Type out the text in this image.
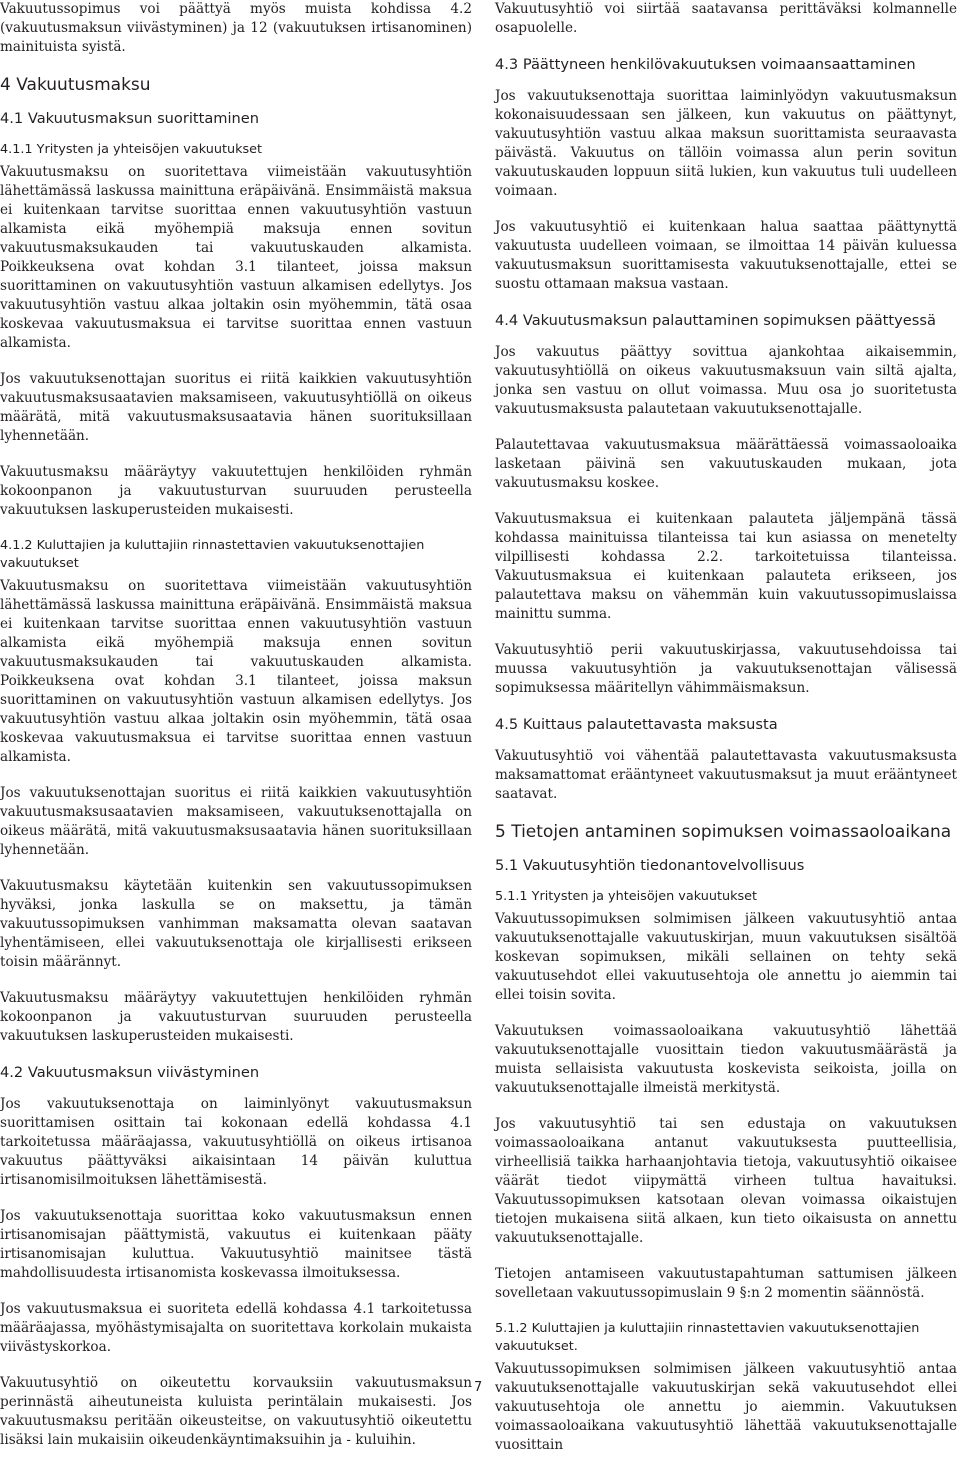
Vakuutussopimus voi päättyä myös muista kohdissa 4.2 (vakuutusmaksun viivästyminen) ja 12 (vakuutuksen irtisanominen) mainituista syistä.

4 Vakuutusmaksu
4.1 Vakuutusmaksun suorittaminen
4.1.1 Yritysten ja yhteisöjen vakuutukset

Vakuutusmaksu on suoritettava viimeistään vakuutusyhtiön lähettämässä laskussa mainittuna eräpäivänä. Ensimmäistä maksua ei kuitenkaan tarvitse suorittaa ennen vakuutusyhtiön vastuun alkamista eikä myöhempiä maksuja ennen sovitun vakuutusmaksukauden tai vakuutuskauden alkamista. Poikkeuksena ovat kohdan 3.1 tilanteet, joissa maksun suorittaminen on vakuutusyhtiön vastuun alkamisen edellytys. Jos vakuutusyhtiön vastuu alkaa joltakin osin myöhemmin, tätä osaa koskevaa vakuutusmaksua ei tarvitse suorittaa ennen vastuun alkamista.

Jos vakuutuksenottajan suoritus ei riitä kaikkien vakuutusyhtiön vakuutusmaksusaatavien maksamiseen, vakuutusyhtiöllä on oikeus määrätä, mitä vakuutusmaksusaatavia hänen suorituksillaan lyhennetään.

Vakuutusmaksu määräytyy vakuutettujen henkilöiden ryhmän kokoonpanon ja vakuutusturvan suuruuden perusteella vakuutuksen laskuperusteiden mukaisesti.

4.1.2 Kuluttajien ja kuluttajiin rinnastettavien vakuutuksenottajien vakuutukset

Vakuutusmaksu on suoritettava viimeistään vakuutusyhtiön lähettämässä laskussa mainittuna eräpäivänä. Ensimmäistä maksua ei kuitenkaan tarvitse suorittaa ennen vakuutusyhtiön vastuun alkamista eikä myöhempiä maksuja ennen sovitun vakuutusmaksukauden tai vakuutuskauden alkamista. Poikkeuksena ovat kohdan 3.1 tilanteet, joissa maksun suorittaminen on vakuutusyhtiön vastuun alkamisen edellytys. Jos vakuutusyhtiön vastuu alkaa joltakin osin myöhemmin, tätä osaa koskevaa vakuutusmaksua ei tarvitse suorittaa ennen vastuun alkamista.

Jos vakuutuksenottajan suoritus ei riitä kaikkien vakuutusyhtiön vakuutusmaksusaatavien maksamiseen, vakuutuksenottajalla on oikeus määrätä, mitä vakuutusmaksusaatavia hänen suorituksillaan lyhennetään.

Vakuutusmaksu käytetään kuitenkin sen vakuutussopimuksen hyväksi, jonka laskulla se on maksettu, ja tämän vakuutussopimuksen vanhimman maksamatta olevan saatavan lyhentämiseen, ellei vakuutuksenottaja ole kirjallisesti erikseen toisin määrännyt.

Vakuutusmaksu määräytyy vakuutettujen henkilöiden ryhmän kokoonpanon ja vakuutusturvan suuruuden perusteella vakuutuksen laskuperusteiden mukaisesti.

4.2 Vakuutusmaksun viivästyminen

Jos vakuutuksenottaja on laiminlyönyt vakuutusmaksun suorittamisen osittain tai kokonaan edellä kohdassa 4.1 tarkoitetussa määräajassa, vakuutusyhtiöllä on oikeus irtisanoa vakuutus päättyväksi aikaisintaan 14 päivän kuluttua irtisanomisilmoituksen lähettämisestä.

Jos vakuutuksenottaja suorittaa koko vakuutusmaksun ennen irtisanomisajan päättymistä, vakuutus ei kuitenkaan pääty irtisanomisajan kuluttua. Vakuutusyhtiö mainitsee tästä mahdollisuudesta irtisanomista koskevassa ilmoituksessa.

Jos vakuutusmaksua ei suoriteta edellä kohdassa 4.1 tarkoitetussa määräajassa, myöhästymisajalta on suoritettava korkolain mukaista viivästyskorkoa.

Vakuutusyhtiö on oikeutettu korvauksiin vakuutusmaksun perinnästä aiheutuneista kuluista perintälain mukaisesti. Jos vakuutusmaksu peritään oikeusteitse, on vakuutusyhtiö oikeutettu lisäksi lain mukaisiin oikeudenkäyntimaksuihin ja - kuluihin.

Vakuutusyhtiö voi siirtää saatavansa perittäväksi kolmannelle osapuolelle.

4.3 Päättyneen henkilövakuutuksen voimaansaattaminen

Jos vakuutuksenottaja suorittaa laiminlyödyn vakuutusmaksun kokonaisuudessaan sen jälkeen, kun vakuutus on päättynyt, vakuutusyhtiön vastuu alkaa maksun suorittamista seuraavasta päivästä. Vakuutus on tällöin voimassa alun perin sovitun vakuutuskauden loppuun siitä lukien, kun vakuutus tuli uudelleen voimaan.

Jos vakuutusyhtiö ei kuitenkaan halua saattaa päättynyttä vakuutusta uudelleen voimaan, se ilmoittaa 14 päivän kuluessa vakuutusmaksun suorittamisesta vakuutuksenottajalle, ettei se suostu ottamaan maksua vastaan.

4.4 Vakuutusmaksun palauttaminen sopimuksen päättyessä

Jos vakuutus päättyy sovittua ajankohtaa aikaisemmin, vakuutusyhtiöllä on oikeus vakuutusmaksuun vain siltä ajalta, jonka sen vastuu on ollut voimassa. Muu osa jo suoritetusta vakuutusmaksusta palautetaan vakuutuksenottajalle.

Palautettavaa vakuutusmaksua määrättäessä voimassaoloaika lasketaan päivinä sen vakuutuskauden mukaan, jota vakuutusmaksu koskee.

Vakuutusmaksua ei kuitenkaan palauteta jäljempänä tässä kohdassa mainituissa tilanteissa tai kun asiassa on menetelty vilpillisesti kohdassa 2.2. tarkoitetuissa tilanteissa. Vakuutusmaksua ei kuitenkaan palauteta erikseen, jos palautettava maksu on vähemmän kuin vakuutussopimuslaissa mainittu summa.

Vakuutusyhtiö perii vakuutuskirjassa, vakuutusehdoissa tai muussa vakuutusyhtiön ja vakuutuksenottajan välisessä sopimuksessa määritellyn vähimmäismaksun.

4.5 Kuittaus palautettavasta maksusta

Vakuutusyhtiö voi vähentää palautettavasta vakuutusmaksusta maksamattomat erääntyneet vakuutusmaksut ja muut erääntyneet saatavat.

5 Tietojen antaminen sopimuksen voimassaoloaikana
5.1 Vakuutusyhtiön tiedonantovelvollisuus
5.1.1 Yritysten ja yhteisöjen vakuutukset

Vakuutussopimuksen solmimisen jälkeen vakuutusyhtiö antaa vakuutuksenottajalle vakuutuskirjan, muun vakuutuksen sisältöä koskevan sopimuksen, mikäli sellainen on tehty sekä vakuutusehdot ellei vakuutusehtoja ole annettu jo aiemmin tai ellei toisin sovita.

Vakuutuksen voimassaoloaikana vakuutusyhtiö lähettää vakuutuksenottajalle vuosittain tiedon vakuutusmäärästä ja muista sellaisista vakuutusta koskevista seikoista, joilla on vakuutuksenottajalle ilmeistä merkitystä.

Jos vakuutusyhtiö tai sen edustaja on vakuutuksen voimassaoloaikana antanut vakuutuksesta puutteellisia, virheellisiä taikka harhaanjohtavia tietoja, vakuutusyhtiö oikaisee väärät tiedot viipymättä virheen tultua havaituksi. Vakuutussopimuksen katsotaan olevan voimassa oikaistujen tietojen mukaisena siitä alkaen, kun tieto oikaisusta on annettu vakuutuksenottajalle.

Tietojen antamiseen vakuutustapahtuman sattumisen jälkeen sovelletaan vakuutussopimuslain 9 §:n 2 momentin säännöstä.

5.1.2 Kuluttajien ja kuluttajiin rinnastettavien vakuutuksenottajien vakuutukset.

Vakuutussopimuksen solmimisen jälkeen vakuutusyhtiö antaa vakuutuksenottajalle vakuutuskirjan sekä vakuutusehdot ellei vakuutusehtoja ole annettu jo aiemmin. Vakuutuksen voimassaoloaikana vakuutusyhtiö lähettää vakuutuksenottajalle vuosittain

7
